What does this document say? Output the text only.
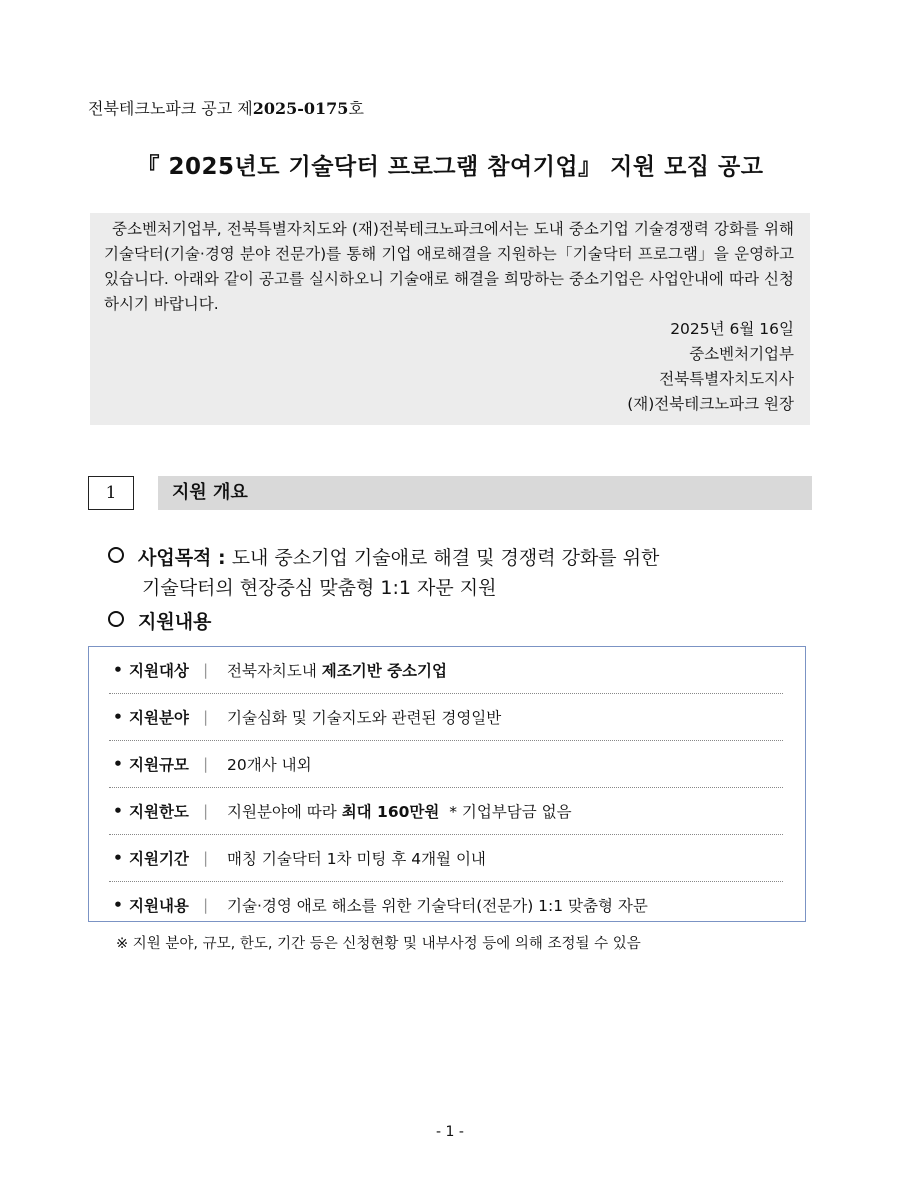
전북테크노파크 공고 제2025-0175호
『 2025년도 기술닥터 프로그램 참여기업』 지원 모집 공고

중소벤처기업부, 전북특별자치도와 (재)전북테크노파크에서는 도내 중소기업 기술경쟁력 강화를 위해 기술닥터(기술·경영 분야 전문가)를 통해 기업 애로해결을 지원하는「기술닥터 프로그램」을 운영하고 있습니다. 아래와 같이 공고를 실시하오니 기술애로 해결을 희망하는 중소기업은 사업안내에 따라 신청하시기 바랍니다.

2025년 6월 16일
중소벤처기업부
전북특별자치도지사
(재)전북테크노파크 원장
1	지원 개요
사업목적 : 도내 중소기업 기술애로 해결 및 경쟁력 강화를 위한
기술닥터의 현장중심 맞춤형 1:1 자문 지원
지원내용
• 지원대상 |	전북자치도내 제조기반 중소기업
• 지원분야 |	기술심화 및 기술지도와 관련된 경영일반
• 지원규모 |	20개사 내외
• 지원한도 |	지원분야에 따라 최대 160만원 * 기업부담금 없음
• 지원기간 |	매칭 기술닥터 1차 미팅 후 4개월 이내
• 지원내용 |	기술·경영 애로 해소를 위한 기술닥터(전문가) 1:1 맞춤형 자문
※ 지원 분야, 규모, 한도, 기간 등은 신청현황 및 내부사정 등에 의해 조정될 수 있음
- 1 -
